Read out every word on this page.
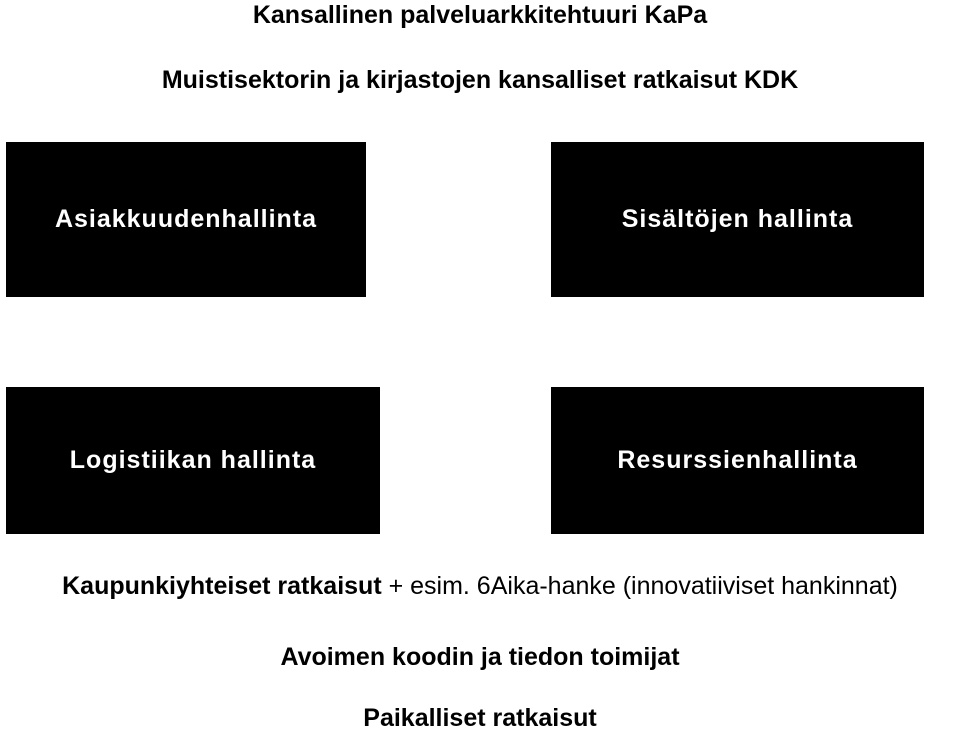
Kansallinen palveluarkkitehtuuri KaPa
Muistisektorin ja kirjastojen kansalliset ratkaisut KDK
Asiakkuudenhallinta	Sisältöjen hallinta
Logistiikan hallinta	Resurssienhallinta
Kaupunkiyhteiset ratkaisut + esim. 6Aika-hanke (innovatiiviset hankinnat)
Avoimen koodin ja tiedon toimijat
Paikalliset ratkaisut
